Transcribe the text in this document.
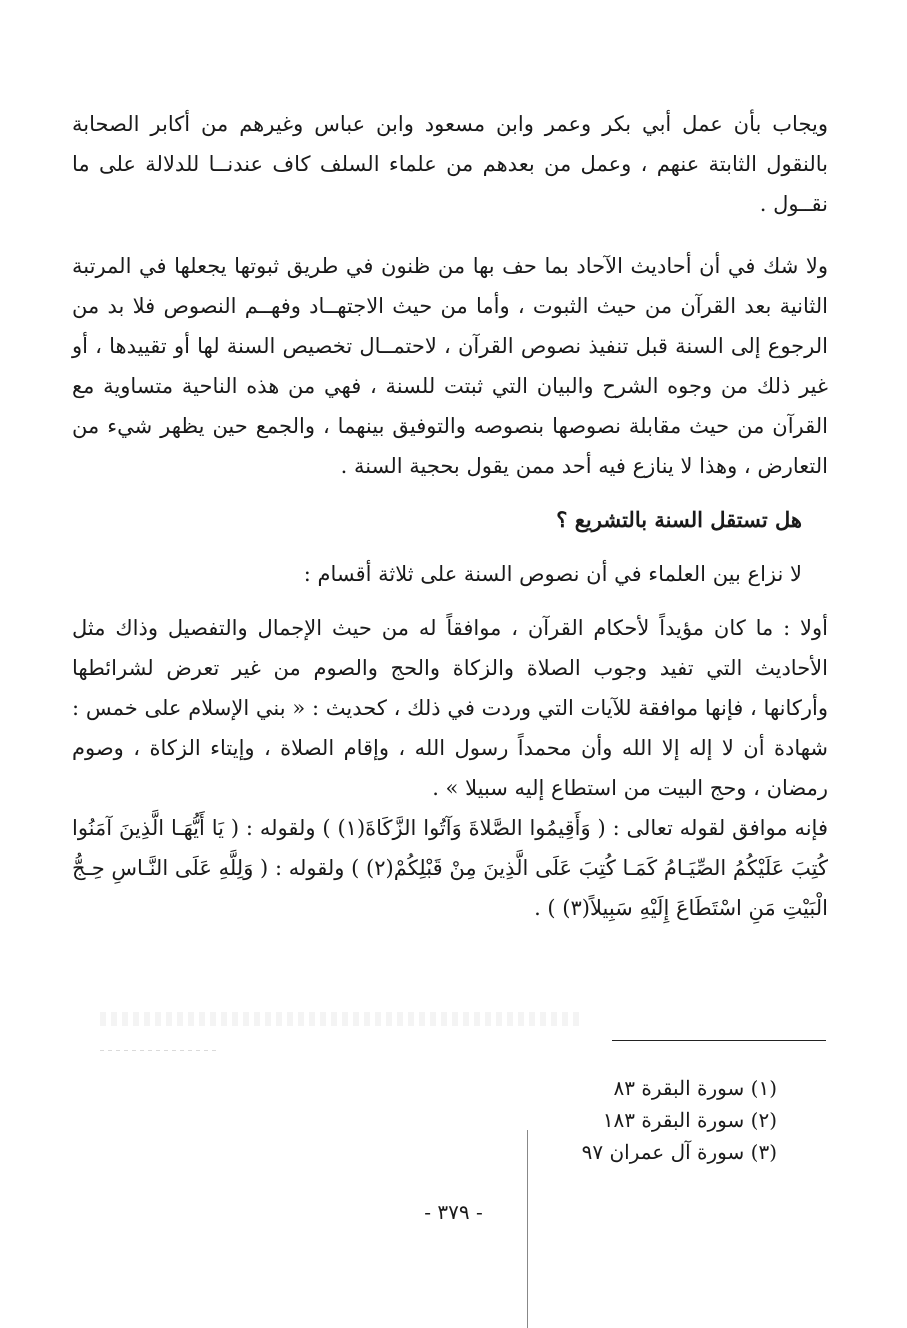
ويجاب بأن عمل أبي بكر وعمر وابن مسعود وابن عباس وغيرهم من أكابر الصحابة بالنقول الثابتة عنهم ، وعمل من بعدهم من علماء السلف كاف عندنــا للدلالة على ما نقــول .

ولا شك في أن أحاديث الآحاد بما حف بها من ظنون في طريق ثبوتها يجعلها في المرتبة الثانية بعد القرآن من حيث الثبوت ، وأما من حيث الاجتهــاد وفهــم النصوص فلا بد من الرجوع إلى السنة قبل تنفيذ نصوص القرآن ، لاحتمــال تخصيص السنة لها أو تقييدها ، أو غير ذلك من وجوه الشرح والبيان التي ثبتت للسنة ، فهي من هذه الناحية متساوية مع القرآن من حيث مقابلة نصوصها بنصوصه والتوفيق بينهما ، والجمع حين يظهر شيء من التعارض ، وهذا لا ينازع فيه أحد ممن يقول بحجية السنة .

هل تستقل السنة بالتشريع ؟

لا نزاع بين العلماء في أن نصوص السنة على ثلاثة أقسام :

أولا : ما كان مؤيداً لأحكام القرآن ، موافقاً له من حيث الإجمال والتفصيل وذاك مثل الأحاديث التي تفيد وجوب الصلاة والزكاة والحج والصوم من غير تعرض لشرائطها وأركانها ، فإنها موافقة للآيات التي وردت في ذلك ، كحديث : « بني الإسلام على خمس : شهادة أن لا إله إلا الله وأن محمداً رسول الله ، وإقام الصلاة ، وإيتاء الزكاة ، وصوم رمضان ، وحج البيت من استطاع إليه سبيلا » .

فإنه موافق لقوله تعالى : ( وَأَقِيمُوا الصَّلاةَ وَآتُوا الزَّكَاةَ(١) ) ولقوله : ( يَا أَيُّهَـا الَّذِينَ آمَنُوا كُتِبَ عَلَيْكُمُ الصِّيَـامُ كَمَـا كُتِبَ عَلَى الَّذِينَ مِنْ قَبْلِكُمْ(٢) ) ولقوله : ( وَلِلَّهِ عَلَى النَّـاسِ حِـجُّ الْبَيْتِ مَنِ اسْتَطَاعَ إِلَيْهِ سَبِيلاً(٣) ) .

(١) سورة البقرة ٨٣

(٢) سورة البقرة ١٨٣

(٣) سورة آل عمران ٩٧

- ٣٧٩ -
